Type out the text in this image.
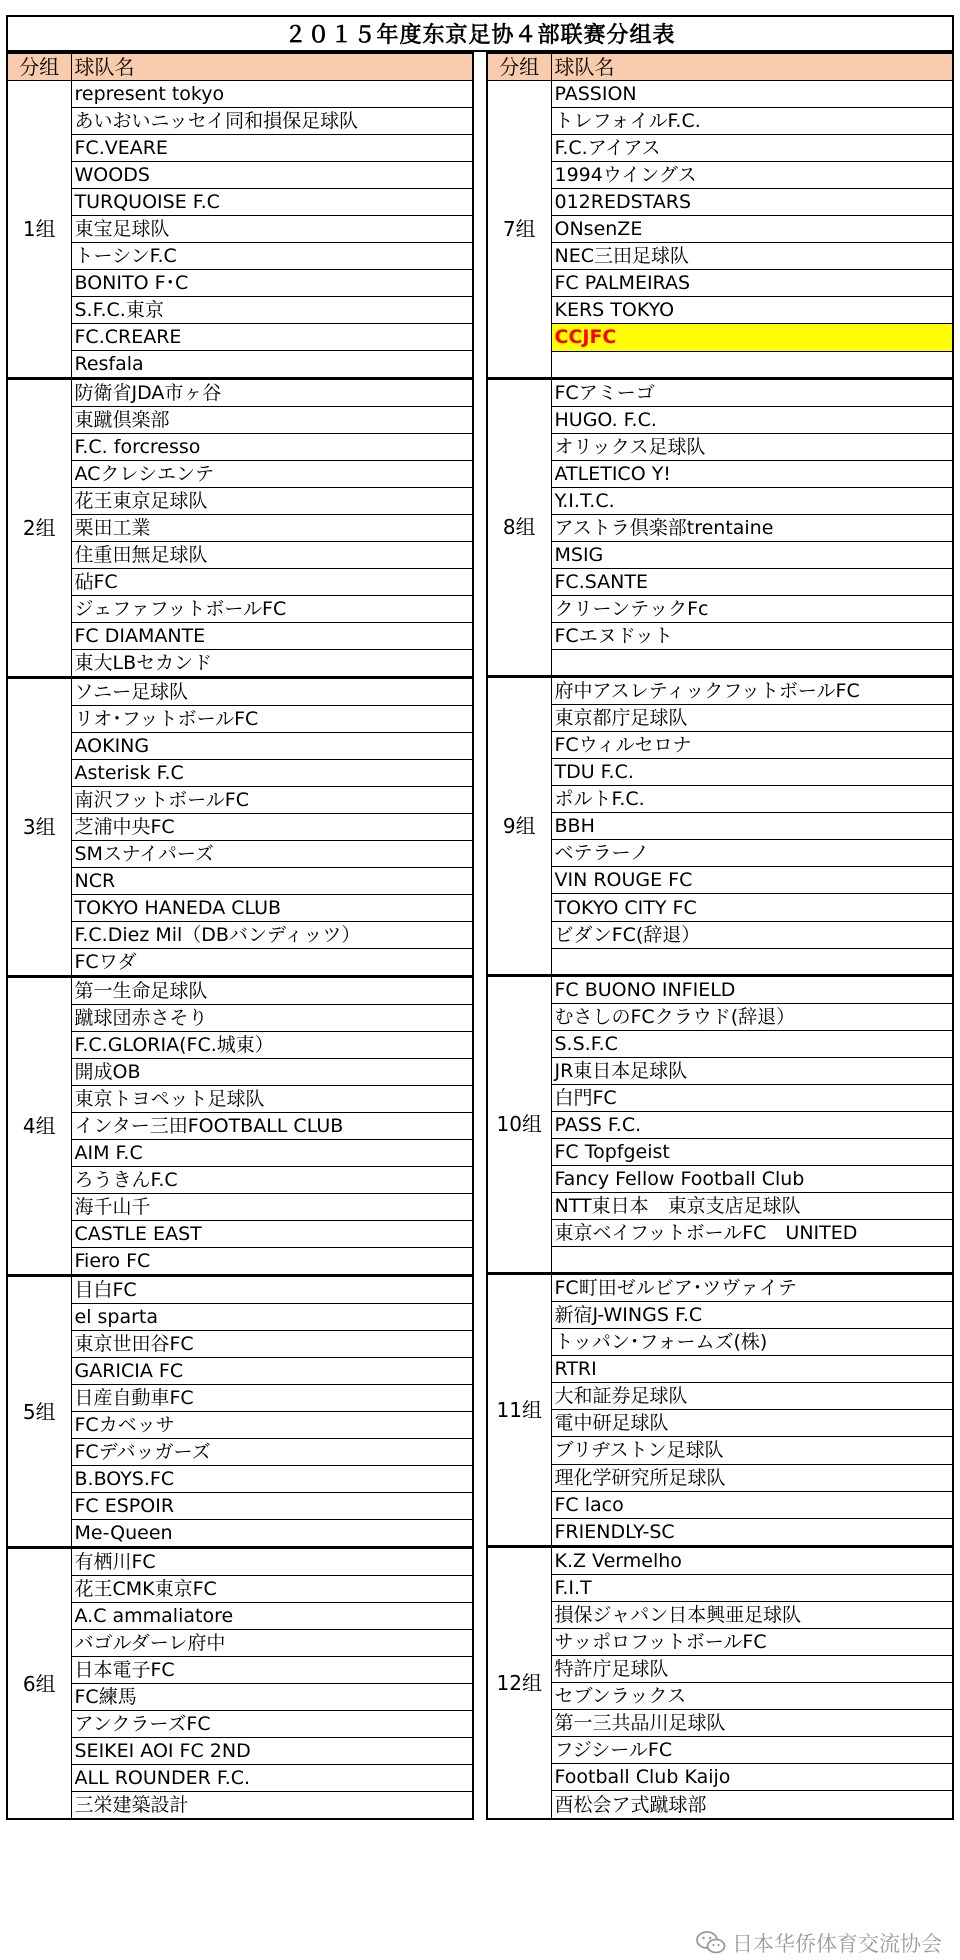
２０１５年度东京足协４部联赛分组表
分组	球队名
1组	represent tokyo
	あいおいニッセイ同和損保足球队
	FC.VEARE
	WOODS
	TURQUOISE F.C
	東宝足球队
	トーシンF.C
	BONITO F･C
	S.F.C.東京
	FC.CREARE
	Resfala
2组	防衛省JDA市ヶ谷
	東蹴倶楽部
	F.C. forcresso
	ACクレシエンテ
	花王東京足球队
	栗田工業
	住重田無足球队
	砧FC
	ジェファフットボールFC
	FC DIAMANTE
	東大LBセカンド
3组	ソニー足球队
	リオ･フットボールFC
	AOKING
	Asterisk F.C
	南沢フットボールFC
	芝浦中央FC
	SMスナイパーズ
	NCR
	TOKYO HANEDA CLUB
	F.C.Diez Mil（DBバンディッツ）
	FCワダ
4组	第一生命足球队
	蹴球団赤さそり
	F.C.GLORIA(FC.城東）
	開成OB
	東京トヨペット足球队
	インター三田FOOTBALL CLUB
	AIM F.C
	ろうきんF.C
	海千山千
	CASTLE EAST
	Fiero FC
5组	目白FC
	el sparta
	東京世田谷FC
	GARICIA FC
	日産自動車FC
	FCカベッサ
	FCデバッガーズ
	B.BOYS.FC
	FC ESPOIR
	Me-Queen
6组	有栖川FC
	花王CMK東京FC
	A.C ammaliatore
	バゴルダーレ府中
	日本電子FC
	FC練馬
	アンクラーズFC
	SEIKEI AOI FC 2ND
	ALL ROUNDER F.C.
	三栄建築設計
分组	球队名
7组	PASSION
	トレフォイルF.C.
	F.C.アイアス
	1994ウイングス
	012REDSTARS
	ONsenZE
	NEC三田足球队
	FC PALMEIRAS
	KERS TOKYO
	CCJFC

8组	FCアミーゴ
	HUGO. F.C.
	オリックス足球队
	ATLETICO Y!
	Y.I.T.C.
	アストラ倶楽部trentaine
	MSIG
	FC.SANTE
	クリーンテックFc
	FCエヌドット

9组	府中アスレティックフットボールFC
	東京都庁足球队
	FCウィルセロナ
	TDU F.C.
	ポルトF.C.
	BBH
	ベテラーノ
	VIN ROUGE FC
	TOKYO CITY FC
	ビダンFC(辞退）

10组	FC BUONO INFIELD
	むさしのFCクラウド(辞退）
	S.S.F.C
	JR東日本足球队
	白門FC
	PASS F.C.
	FC Topfgeist
	Fancy Fellow Football Club
	NTT東日本　東京支店足球队
	東京ベイフットボールFC　UNITED

11组	FC町田ゼルビア･ツヴァイテ
	新宿J-WINGS F.C
	トッパン･フォームズ(株)
	RTRI
	大和証券足球队
	電中研足球队
	ブリヂストン足球队
	理化学研究所足球队
	FC laco
	FRIENDLY-SC
12组	K.Z Vermelho
	F.I.T
	損保ジャパン日本興亜足球队
	サッポロフットボールFC
	特許庁足球队
	セブンラックス
	第一三共品川足球队
	フジシールFC
	Football Club Kaijo
	酉松会ア式蹴球部
日本华侨体育交流协会
